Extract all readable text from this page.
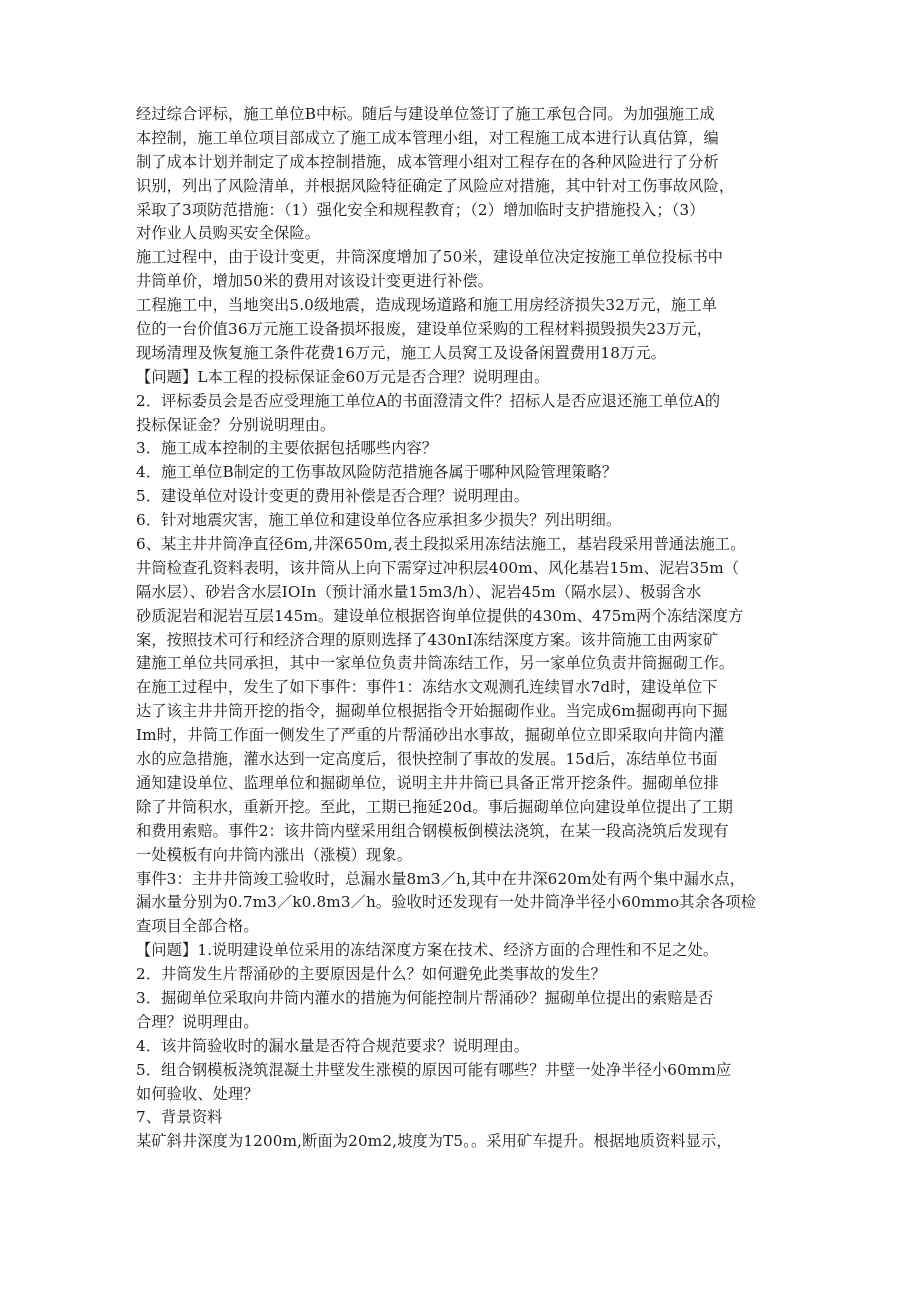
经过综合评标，施工单位B中标。随后与建设单位签订了施工承包合同。为加强施工成
本控制，施工单位项目部成立了施工成本管理小组，对工程施工成本进行认真估算，编
制了成本计划并制定了成本控制措施，成本管理小组对工程存在的各种风险进行了分析
识别，列出了风险清单，并根据风险特征确定了风险应对措施，其中针对工伤事故风险，
采取了3项防范措施：（1）强化安全和规程教育；（2）增加临时支护措施投入；（3）
对作业人员购买安全保险。
施工过程中，由于设计变更，井筒深度增加了50米，建设单位决定按施工单位投标书中
井筒单价，增加50米的费用对该设计变更进行补偿。
工程施工中，当地突出5.0级地震，造成现场道路和施工用房经济损失32万元，施工单
位的一台价值36万元施工设备损坏报废，建设单位采购的工程材料损毁损失23万元，
现场清理及恢复施工条件花费16万元，施工人员窝工及设备闲置费用18万元。
【问题】L本工程的投标保证金60万元是否合理？说明理由。
2．评标委员会是否应受理施工单位A的书面澄清文件？招标人是否应退还施工单位A的
投标保证金？分别说明理由。
3．施工成本控制的主要依据包括哪些内容？
4．施工单位B制定的工伤事故风险防范措施各属于哪种风险管理策略？
5．建设单位对设计变更的费用补偿是否合理？说明理由。
6．针对地震灾害，施工单位和建设单位各应承担多少损失？列出明细。
6、某主井井筒净直径6m,井深650m,表土段拟采用冻结法施工，基岩段采用普通法施工。
井筒检查孔资料表明，该井筒从上向下需穿过冲积层400m、风化基岩15m、泥岩35m（
隔水层）、砂岩含水层IOIn（预计涌水量15m3/h）、泥岩45m（隔水层）、极弱含水
砂质泥岩和泥岩互层145m。建设单位根据咨询单位提供的430m、475m两个冻结深度方
案，按照技术可行和经济合理的原则选择了430nI冻结深度方案。该井筒施工由两家矿
建施工单位共同承担，其中一家单位负责井筒冻结工作，另一家单位负责井筒掘砌工作。
在施工过程中，发生了如下事件：事件1：冻结水文观测孔连续冒水7d时，建设单位下
达了该主井井筒开挖的指令，掘砌单位根据指令开始掘砌作业。当完成6m掘砌再向下掘
Im时，井筒工作面一侧发生了严重的片帮涌砂出水事故，掘砌单位立即采取向井筒内灌
水的应急措施，灌水达到一定高度后，很快控制了事故的发展。15d后，冻结单位书面
通知建设单位、监理单位和掘砌单位，说明主井井筒已具备正常开挖条件。掘砌单位排
除了井筒积水，重新开挖。至此，工期已拖延20d。事后掘砌单位向建设单位提出了工期
和费用索赔。事件2：该井筒内壁采用组合钢模板倒模法浇筑，在某一段高浇筑后发现有
一处模板有向井筒内涨出（涨模）现象。
事件3：主井井筒竣工验收时，总漏水量8m3／h,其中在井深620m处有两个集中漏水点，
漏水量分别为0.7m3／k0.8m3／h。验收时还发现有一处井筒净半径小60mmo其余各项检
查项目全部合格。
【问题】1.说明建设单位采用的冻结深度方案在技术、经济方面的合理性和不足之处。
2．井筒发生片帮涌砂的主要原因是什么？如何避免此类事故的发生？
3．掘砌单位采取向井筒内灌水的措施为何能控制片帮涌砂？掘砌单位提出的索赔是否
合理？说明理由。
4．该井筒验收时的漏水量是否符合规范要求？说明理由。
5．组合钢模板浇筑混凝土井壁发生涨模的原因可能有哪些？井壁一处净半径小60mm应
如何验收、处理？
7、背景资料
某矿斜井深度为1200m,断面为20m2,坡度为T5。。采用矿车提升。根据地质资料显示，
